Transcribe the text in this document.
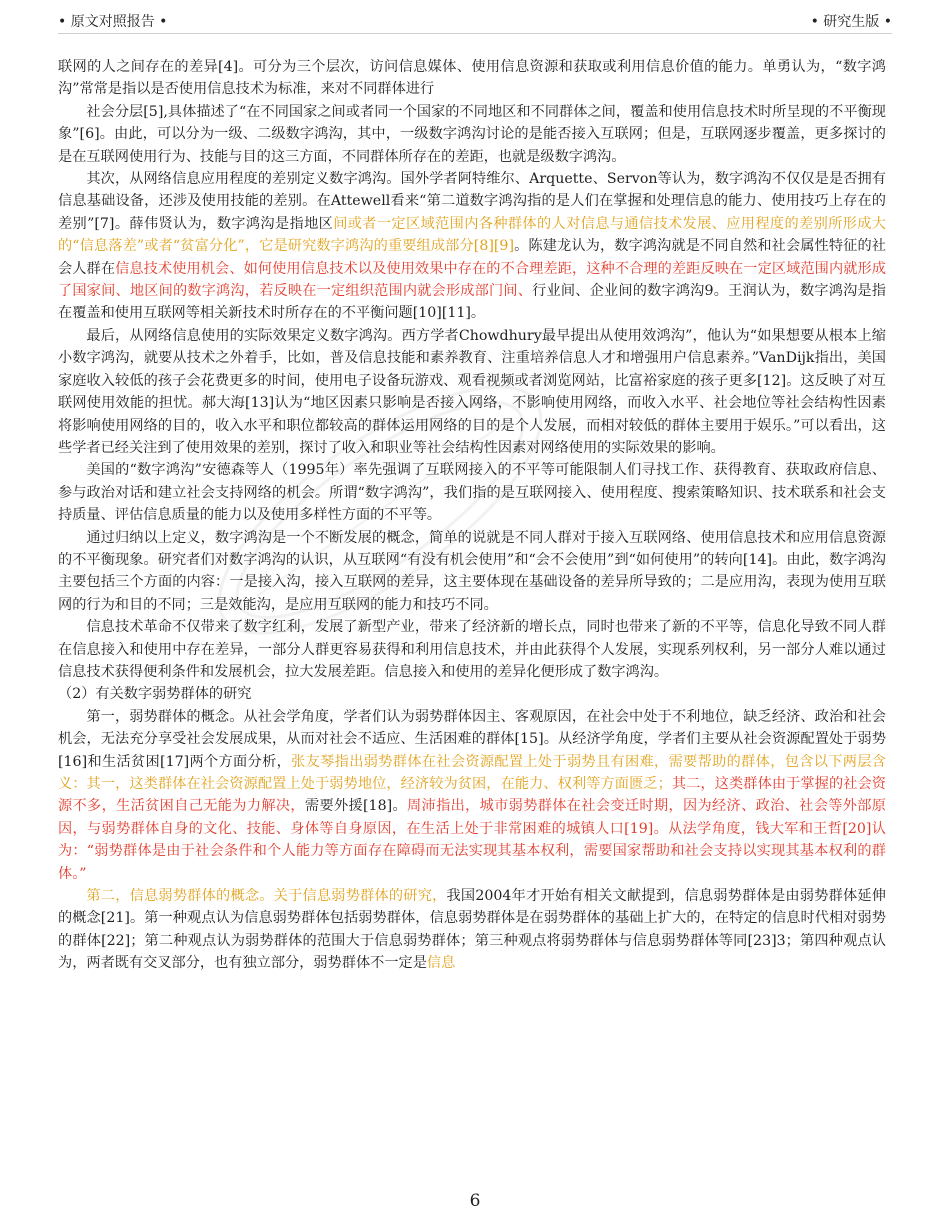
• 原文对照报告 •	• 研究生版 •

联网的人之间存在的差异[4]。可分为三个层次，访问信息媒体、使用信息资源和获取或利用信息价值的能力。单勇认为，“数字鸿沟”常常是指以是否使用信息技术为标准，来对不同群体进行

社会分层[5],具体描述了“在不同国家之间或者同一个国家的不同地区和不同群体之间，覆盖和使用信息技术时所呈现的不平衡现象”[6]。由此，可以分为一级、二级数字鸿沟，其中，一级数字鸿沟讨论的是能否接入互联网；但是，互联网逐步覆盖，更多探讨的是在互联网使用行为、技能与目的这三方面，不同群体所存在的差距，也就是级数字鸿沟。

其次，从网络信息应用程度的差别定义数字鸿沟。国外学者阿特维尔、Arquette、Servon等认为，数字鸿沟不仅仅是是否拥有信息基础设备，还涉及使用技能的差别。在Attewell看来“第二道数字鸿沟指的是人们在掌握和处理信息的能力、使用技巧上存在的差别”[7]。薛伟贤认为，数字鸿沟是指地区间或者一定区域范围内各种群体的人对信息与通信技术发展、应用程度的差别所形成大的“信息落差”或者“贫富分化”，它是研究数字鸿沟的重要组成部分[8][9]。陈建龙认为，数字鸿沟就是不同自然和社会属性特征的社会人群在信息技术使用机会、如何使用信息技术以及使用效果中存在的不合理差距，这种不合理的差距反映在一定区域范围内就形成了国家间、地区间的数字鸿沟，若反映在一定组织范围内就会形成部门间、行业间、企业间的数字鸿沟9。王润认为，数字鸿沟是指在覆盖和使用互联网等相关新技术时所存在的不平衡问题[10][11]。

最后，从网络信息使用的实际效果定义数字鸿沟。西方学者Chowdhury最早提出从使用效鸿沟”，他认为“如果想要从根本上缩小数字鸿沟，就要从技术之外着手，比如，普及信息技能和素养教育、注重培养信息人才和增强用户信息素养。”VanDijk指出，美国家庭收入较低的孩子会花费更多的时间，使用电子设备玩游戏、观看视频或者浏览网站，比富裕家庭的孩子更多[12]。这反映了对互联网使用效能的担忧。郝大海[13]认为“地区因素只影响是否接入网络，不影响使用网络，而收入水平、社会地位等社会结构性因素将影响使用网络的目的，收入水平和职位都较高的群体运用网络的目的是个人发展，而相对较低的群体主要用于娱乐。”可以看出，这些学者已经关注到了使用效果的差别，探讨了收入和职业等社会结构性因素对网络使用的实际效果的影响。

美国的“数字鸿沟”安德森等人（1995年）率先强调了互联网接入的不平等可能限制人们寻找工作、获得教育、获取政府信息、参与政治对话和建立社会支持网络的机会。所谓“数字鸿沟”，我们指的是互联网接入、使用程度、搜索策略知识、技术联系和社会支持质量、评估信息质量的能力以及使用多样性方面的不平等。

通过归纳以上定义，数字鸿沟是一个不断发展的概念，简单的说就是不同人群对于接入互联网络、使用信息技术和应用信息资源的不平衡现象。研究者们对数字鸿沟的认识，从互联网“有没有机会使用”和“会不会使用”到“如何使用”的转向[14]。由此，数字鸿沟主要包括三个方面的内容：一是接入沟，接入互联网的差异，这主要体现在基础设备的差异所导致的；二是应用沟，表现为使用互联网的行为和目的不同；三是效能沟，是应用互联网的能力和技巧不同。

信息技术革命不仅带来了数字红利，发展了新型产业，带来了经济新的增长点，同时也带来了新的不平等，信息化导致不同人群在信息接入和使用中存在差异，一部分人群更容易获得和利用信息技术，并由此获得个人发展，实现系列权利，另一部分人难以通过信息技术获得便利条件和发展机会，拉大发展差距。信息接入和使用的差异化便形成了数字鸿沟。

（2）有关数字弱势群体的研究

第一，弱势群体的概念。从社会学角度，学者们认为弱势群体因主、客观原因，在社会中处于不利地位，缺乏经济、政治和社会机会，无法充分享受社会发展成果，从而对社会不适应、生活困难的群体[15]。从经济学角度，学者们主要从社会资源配置处于弱势[16]和生活贫困[17]两个方面分析，张友琴指出弱势群体在社会资源配置上处于弱势且有困难，需要帮助的群体，包含以下两层含义：其一，这类群体在社会资源配置上处于弱势地位，经济较为贫困，在能力、权利等方面匮乏；其二，这类群体由于掌握的社会资源不多，生活贫困自己无能为力解决，需要外援[18]。周沛指出，城市弱势群体在社会变迁时期，因为经济、政治、社会等外部原因，与弱势群体自身的文化、技能、身体等自身原因，在生活上处于非常困难的城镇人口[19]。从法学角度，钱大军和王哲[20]认为：“弱势群体是由于社会条件和个人能力等方面存在障碍而无法实现其基本权利，需要国家帮助和社会支持以实现其基本权利的群体。”

第二，信息弱势群体的概念。关于信息弱势群体的研究，我国2004年才开始有相关文献提到，信息弱势群体是由弱势群体延伸的概念[21]。第一种观点认为信息弱势群体包括弱势群体，信息弱势群体是在弱势群体的基础上扩大的，在特定的信息时代相对弱势的群体[22]；第二种观点认为弱势群体的范围大于信息弱势群体；第三种观点将弱势群体与信息弱势群体等同[23]3；第四种观点认为，两者既有交叉部分，也有独立部分，弱势群体不一定是信息

6
